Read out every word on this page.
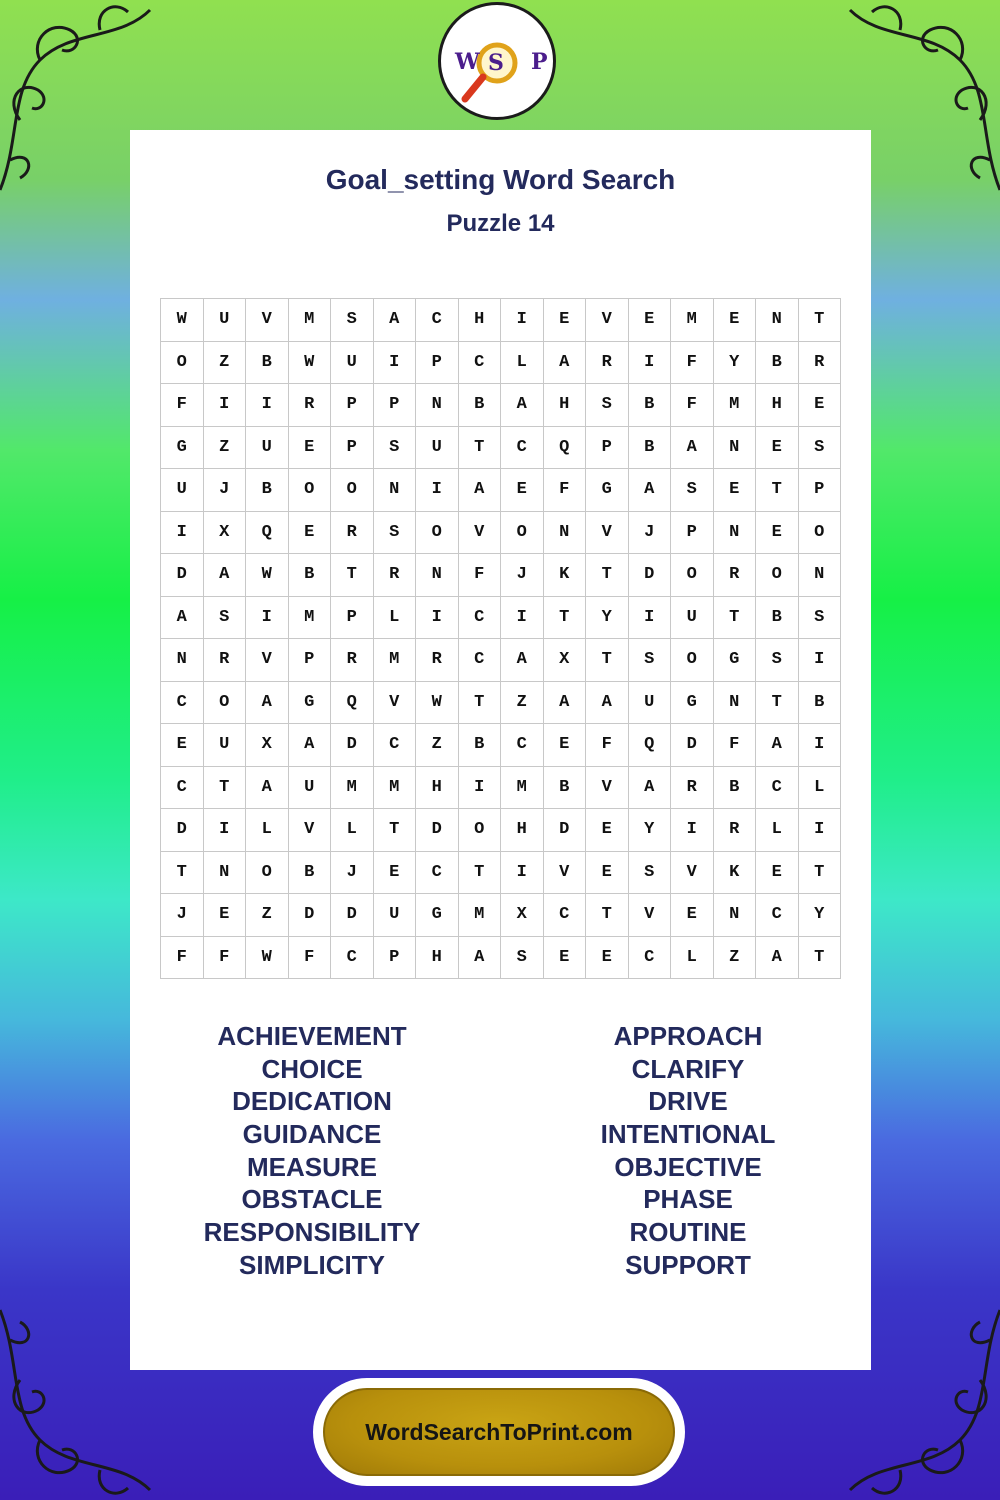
W S P
Goal_setting Word Search
Puzzle 14
W	U	V	M	S	A	C	H	I	E	V	E	M	E	N	T
O	Z	B	W	U	I	P	C	L	A	R	I	F	Y	B	R
F	I	I	R	P	P	N	B	A	H	S	B	F	M	H	E
G	Z	U	E	P	S	U	T	C	Q	P	B	A	N	E	S
U	J	B	O	O	N	I	A	E	F	G	A	S	E	T	P
I	X	Q	E	R	S	O	V	O	N	V	J	P	N	E	O
D	A	W	B	T	R	N	F	J	K	T	D	O	R	O	N
A	S	I	M	P	L	I	C	I	T	Y	I	U	T	B	S
N	R	V	P	R	M	R	C	A	X	T	S	O	G	S	I
C	O	A	G	Q	V	W	T	Z	A	A	U	G	N	T	B
E	U	X	A	D	C	Z	B	C	E	F	Q	D	F	A	I
C	T	A	U	M	M	H	I	M	B	V	A	R	B	C	L
D	I	L	V	L	T	D	O	H	D	E	Y	I	R	L	I
T	N	O	B	J	E	C	T	I	V	E	S	V	K	E	T
J	E	Z	D	D	U	G	M	X	C	T	V	E	N	C	Y
F	F	W	F	C	P	H	A	S	E	E	C	L	Z	A	T
ACHIEVEMENT
CHOICE
DEDICATION
GUIDANCE
MEASURE
OBSTACLE
RESPONSIBILITY
SIMPLICITY
APPROACH
CLARIFY
DRIVE
INTENTIONAL
OBJECTIVE
PHASE
ROUTINE
SUPPORT
WordSearchToPrint.com
